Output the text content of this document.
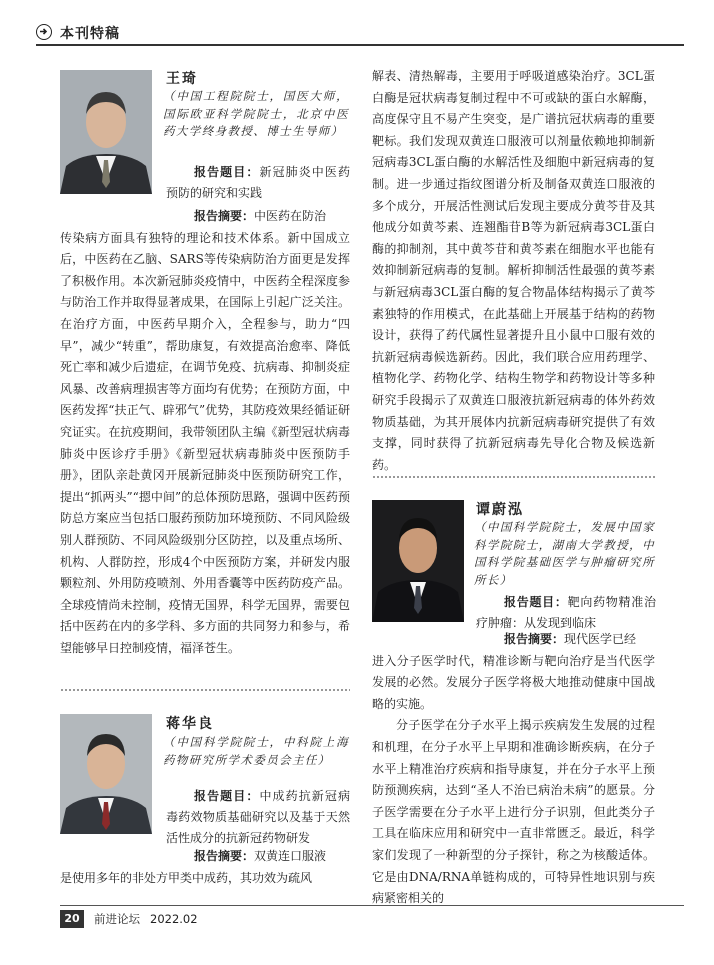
本刊特稿
王琦
（中国工程院院士，国医大师，国际欧亚科学院院士，北京中医药大学终身教授、博士生导师）
报告题目：新冠肺炎中医药预防的研究和实践
报告摘要：中医药在防治

传染病方面具有独特的理论和技术体系。新中国成立后，中医药在乙脑、SARS等传染病防治方面更是发挥了积极作用。本次新冠肺炎疫情中，中医药全程深度参与防治工作并取得显著成果，在国际上引起广泛关注。在治疗方面，中医药早期介入，全程参与，助力“四早”，减少“转重”，帮助康复，有效提高治愈率、降低死亡率和减少后遗症，在调节免疫、抗病毒、抑制炎症风暴、改善病理损害等方面均有优势；在预防方面，中医药发挥“扶正气、辟邪气”优势，其防疫效果经循证研究证实。在抗疫期间，我带领团队主编《新型冠状病毒肺炎中医诊疗手册》《新型冠状病毒肺炎中医预防手册》，团队亲赴黄冈开展新冠肺炎中医预防研究工作，提出“抓两头”“摁中间”的总体预防思路，强调中医药预防总方案应当包括口服药预防加环境预防、不同风险级别人群预防、不同风险级别分区防控，以及重点场所、机构、人群防控，形成4个中医预防方案，并研发内服颗粒剂、外用防疫喷剂、外用香囊等中医药防疫产品。全球疫情尚未控制，疫情无国界，科学无国界，需要包括中医药在内的多学科、多方面的共同努力和参与，希望能够早日控制疫情，福泽苍生。

蒋华良
（中国科学院院士，中科院上海药物研究所学术委员会主任）
报告题目：中成药抗新冠病毒药效物质基础研究以及基于天然活性成分的抗新冠药物研发
报告摘要：双黄连口服液

是使用多年的非处方甲类中成药，其功效为疏风

解表、清热解毒，主要用于呼吸道感染治疗。3CL蛋白酶是冠状病毒复制过程中不可或缺的蛋白水解酶，高度保守且不易产生突变，是广谱抗冠状病毒的重要靶标。我们发现双黄连口服液可以剂量依赖地抑制新冠病毒3CL蛋白酶的水解活性及细胞中新冠病毒的复制。进一步通过指纹图谱分析及制备双黄连口服液的多个成分，开展活性测试后发现主要成分黄芩苷及其他成分如黄芩素、连翘酯苷B等为新冠病毒3CL蛋白酶的抑制剂，其中黄芩苷和黄芩素在细胞水平也能有效抑制新冠病毒的复制。解析抑制活性最强的黄芩素与新冠病毒3CL蛋白酶的复合物晶体结构揭示了黄芩素独特的作用模式，在此基础上开展基于结构的药物设计，获得了药代属性显著提升且小鼠中口服有效的抗新冠病毒候选新药。因此，我们联合应用药理学、植物化学、药物化学、结构生物学和药物设计等多种研究手段揭示了双黄连口服液抗新冠病毒的体外药效物质基础，为其开展体内抗新冠病毒研究提供了有效支撑，同时获得了抗新冠病毒先导化合物及候选新药。

谭蔚泓
（中国科学院院士，发展中国家科学院院士，湖南大学教授，中国科学院基础医学与肿瘤研究所所长）
报告题目：靶向药物精准治疗肿瘤：从发现到临床
报告摘要：现代医学已经

进入分子医学时代，精准诊断与靶向治疗是当代医学发展的必然。发展分子医学将极大地推动健康中国战略的实施。

分子医学在分子水平上揭示疾病发生发展的过程和机理，在分子水平上早期和准确诊断疾病，在分子水平上精准治疗疾病和指导康复，并在分子水平上预防预测疾病，达到“圣人不治已病治未病”的愿景。分子医学需要在分子水平上进行分子识别，但此类分子工具在临床应用和研究中一直非常匮乏。最近，科学家们发现了一种新型的分子探针，称之为核酸适体。它是由DNA/RNA单链构成的，可特异性地识别与疾病紧密相关的

20	前进论坛 2022.02
